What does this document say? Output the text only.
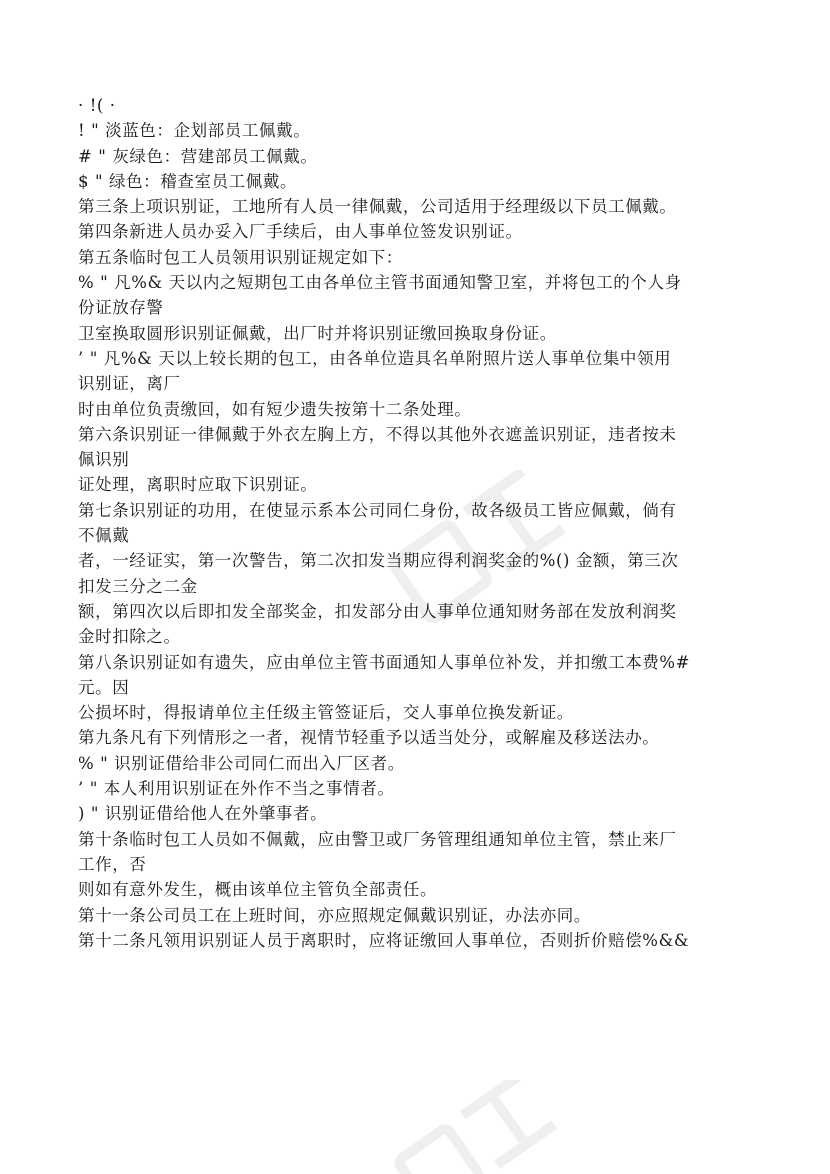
· !( ·
! " 淡蓝色：企划部员工佩戴。
# " 灰绿色：营建部员工佩戴。
$ " 绿色：稽查室员工佩戴。
第三条上项识别证，工地所有人员一律佩戴，公司适用于经理级以下员工佩戴。
第四条新进人员办妥入厂手续后，由人事单位签发识别证。
第五条临时包工人员领用识别证规定如下：
% " 凡%& 天以内之短期包工由各单位主管书面通知警卫室，并将包工的个人身
份证放存警
卫室换取圆形识别证佩戴，出厂时并将识别证缴回换取身份证。
’ " 凡%& 天以上较长期的包工，由各单位造具名单附照片送人事单位集中领用
识别证，离厂
时由单位负责缴回，如有短少遗失按第十二条处理。
第六条识别证一律佩戴于外衣左胸上方，不得以其他外衣遮盖识别证，违者按未
佩识别
证处理，离职时应取下识别证。
第七条识别证的功用，在使显示系本公司同仁身份，故各级员工皆应佩戴，倘有
不佩戴
者，一经证实，第一次警告，第二次扣发当期应得利润奖金的%() 金额，第三次
扣发三分之二金
额，第四次以后即扣发全部奖金，扣发部分由人事单位通知财务部在发放利润奖
金时扣除之。
第八条识别证如有遗失，应由单位主管书面通知人事单位补发，并扣缴工本费%#
元。因
公损坏时，得报请单位主任级主管签证后，交人事单位换发新证。
第九条凡有下列情形之一者，视情节轻重予以适当处分，或解雇及移送法办。
% " 识别证借给非公司同仁而出入厂区者。
’ " 本人利用识别证在外作不当之事情者。
) " 识别证借给他人在外肇事者。
第十条临时包工人员如不佩戴，应由警卫或厂务管理组通知单位主管，禁止来厂
工作，否
则如有意外发生，概由该单位主管负全部责任。
第十一条公司员工在上班时间，亦应照规定佩戴识别证，办法亦同。
第十二条凡领用识别证人员于离职时，应将证缴回人事单位，否则折价赔偿%&&
